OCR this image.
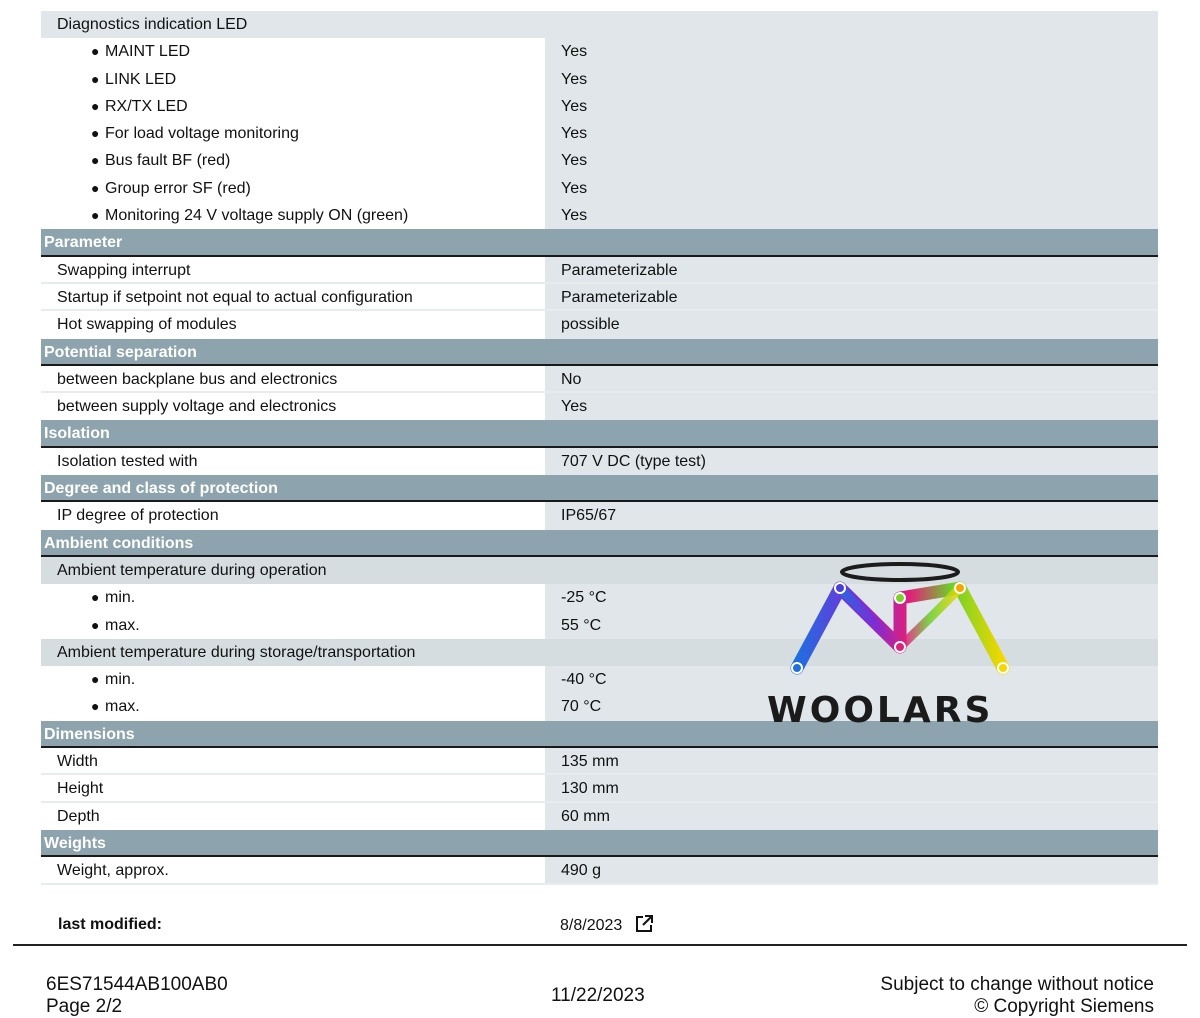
Diagnostics indication LED
● MAINT LED	Yes
● LINK LED	Yes
● RX/TX LED	Yes
● For load voltage monitoring	Yes
● Bus fault BF (red)	Yes
● Group error SF (red)	Yes
● Monitoring 24 V voltage supply ON (green)	Yes
Parameter
Swapping interrupt	Parameterizable
Startup if setpoint not equal to actual configuration	Parameterizable
Hot swapping of modules	possible
Potential separation
between backplane bus and electronics	No
between supply voltage and electronics	Yes
Isolation
Isolation tested with	707 V DC (type test)
Degree and class of protection
IP degree of protection	IP65/67
Ambient conditions
Ambient temperature during operation
● min.	-25 °C
● max.	55 °C
Ambient temperature during storage/transportation
● min.	-40 °C
● max.	70 °C
Dimensions
Width	135 mm
Height	130 mm
Depth	60 mm
Weights
Weight, approx.	490 g
WOOLARS
last modified:	8/8/2023
6ES71544AB100AB0
Page 2/2
11/22/2023
Subject to change without notice
© Copyright Siemens
